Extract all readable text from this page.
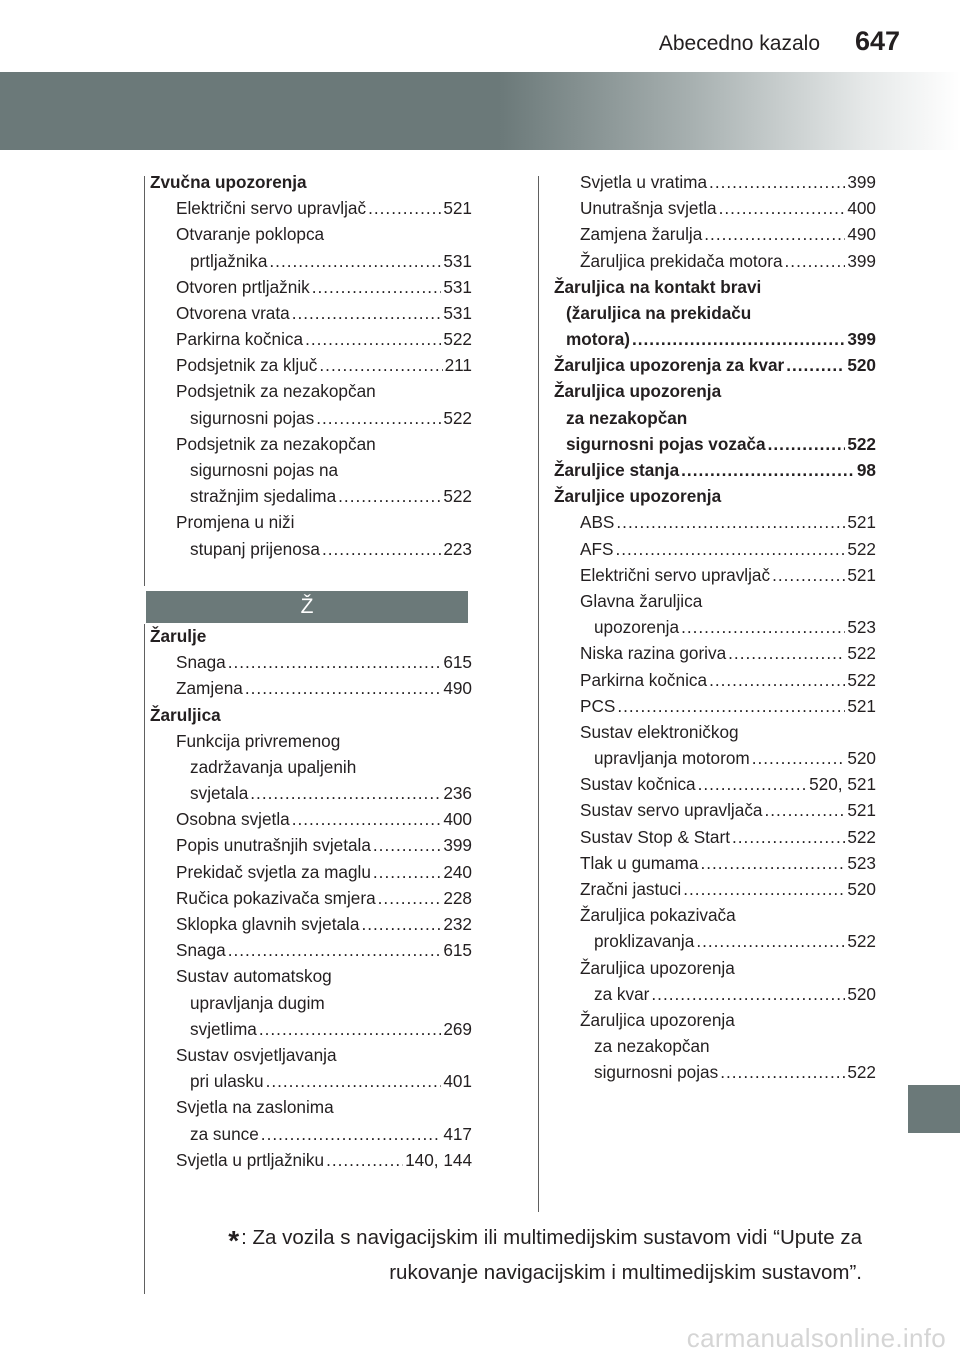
Abecedno kazalo 647
Zvučna upozorenja
Električni servo upravljač .....	521
Otvaranje poklopca
prtljažnika .....	531
Otvoren prtljažnik .....	531
Otvorena vrata .....	531
Parkirna kočnica .....	522
Podsjetnik za ključ .....	211
Podsjetnik za nezakopčan
sigurnosni pojas .....	522
Podsjetnik za nezakopčan
sigurnosni pojas na
stražnjim sjedalima .....	522
Promjena u niži
stupanj prijenosa .....	223
Ž
Žarulje
Snaga .....	615
Zamjena .....	490
Žaruljica
Funkcija privremenog
zadržavanja upaljenih
svjetala .....	236
Osobna svjetla .....	400
Popis unutrašnjih svjetala .....	399
Prekidač svjetla za maglu .....	240
Ručica pokazivača smjera .....	228
Sklopka glavnih svjetala .....	232
Snaga .....	615
Sustav automatskog
upravljanja dugim
svjetlima .....	269
Sustav osvjetljavanja
pri ulasku .....	401
Svjetla na zaslonima
za sunce .....	417
Svjetla u prtljažniku .....	140, 144
Svjetla u vratima .....	399
Unutrašnja svjetla .....	400
Zamjena žarulja .....	490
Žaruljica prekidača motora .....	399
Žaruljica na kontakt bravi
(žaruljica na prekidaču
motora) .....	399
Žaruljica upozorenja za kvar .....	520
Žaruljica upozorenja
za nezakopčan
sigurnosni pojas vozača .....	522
Žaruljice stanja .....	98
Žaruljice upozorenja
ABS .....	521
AFS .....	522
Električni servo upravljač .....	521
Glavna žaruljica
upozorenja .....	523
Niska razina goriva .....	522
Parkirna kočnica .....	522
PCS .....	521
Sustav elektroničkog
upravljanja motorom .....	520
Sustav kočnica .....	520, 521
Sustav servo upravljača .....	521
Sustav Stop & Start .....	522
Tlak u gumama .....	523
Zračni jastuci .....	520
Žaruljica pokazivača
proklizavanja .....	522
Žaruljica upozorenja
za kvar .....	520
Žaruljica upozorenja
za nezakopčan
sigurnosni pojas .....	522
*: Za vozila s navigacijskim ili multimedijskim sustavom vidi “Upute za
rukovanje navigacijskim i multimedijskim sustavom”.
carmanualsonline.info
